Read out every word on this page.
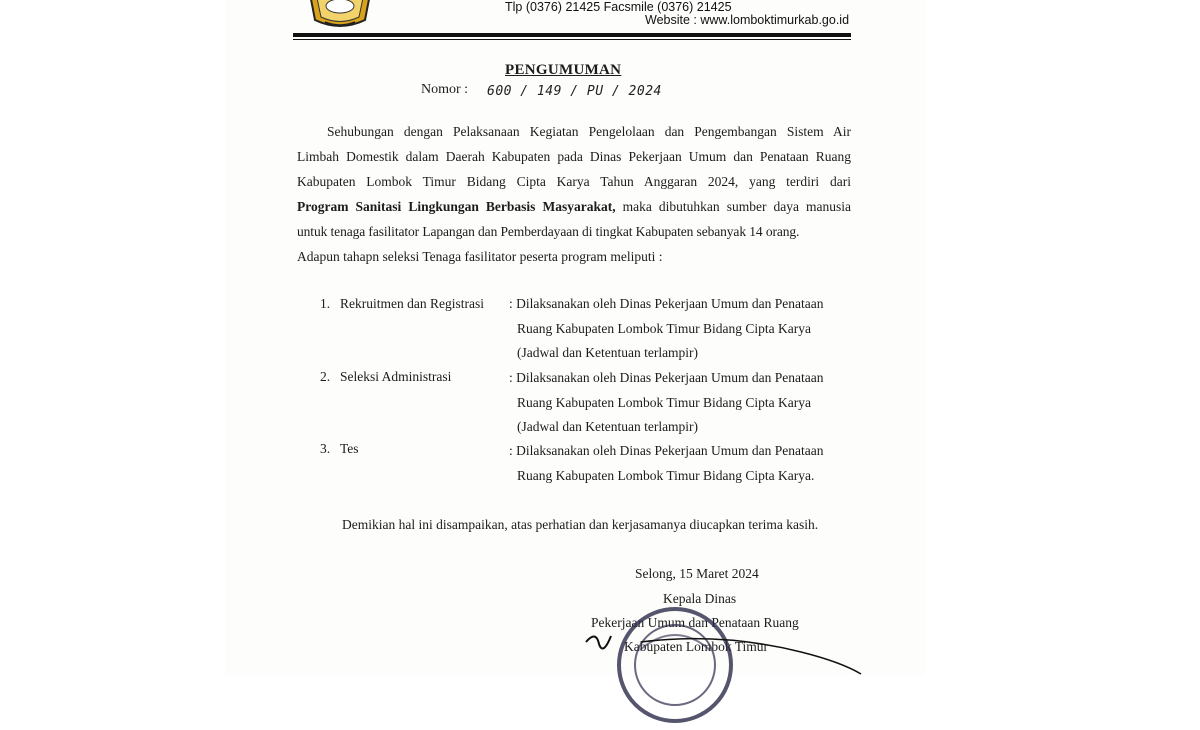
Tlp (0376) 21425 Facsmile (0376) 21425
Website : www.lomboktimurkab.go.id
PENGUMUMAN
Nomor : 600 / 149 / PU / 2024
Sehubungan dengan Pelaksanaan Kegiatan Pengelolaan dan Pengembangan Sistem Air
Limbah Domestik dalam Daerah Kabupaten pada Dinas Pekerjaan Umum dan Penataan Ruang
Kabupaten Lombok Timur Bidang Cipta Karya Tahun Anggaran 2024, yang terdiri dari
Program Sanitasi Lingkungan Berbasis Masyarakat, maka dibutuhkan sumber daya manusia
untuk tenaga fasilitator Lapangan dan Pemberdayaan di tingkat Kabupaten sebanyak 14 orang.
Adapun tahapn seleksi Tenaga fasilitator peserta program meliputi :
1. Rekruitmen dan Registrasi : Dilaksanakan oleh Dinas Pekerjaan Umum dan Penataan
Ruang Kabupaten Lombok Timur Bidang Cipta Karya
(Jadwal dan Ketentuan terlampir)
2. Seleksi Administrasi	: Dilaksanakan oleh Dinas Pekerjaan Umum dan Penataan
Ruang Kabupaten Lombok Timur Bidang Cipta Karya
(Jadwal dan Ketentuan terlampir)
3. Tes	: Dilaksanakan oleh Dinas Pekerjaan Umum dan Penataan
Ruang Kabupaten Lombok Timur Bidang Cipta Karya.
Demikian hal ini disampaikan, atas perhatian dan kerjasamanya diucapkan terima kasih.
Selong, 15 Maret 2024
Kepala Dinas
Pekerjaan Umum dan Penataan Ruang
Kabupaten Lombok Timur
